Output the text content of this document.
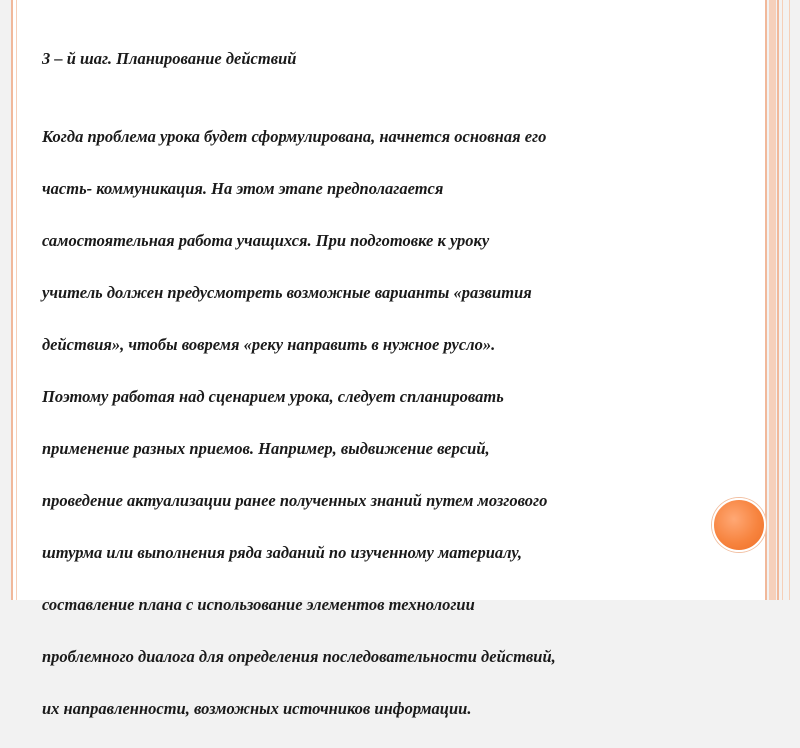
3 – й шаг. Планирование действий

Когда проблема урока будет сформулирована, начнется основная его

часть- коммуникация. На этом этапе предполагается

самостоятельная работа учащихся. При подготовке к уроку

учитель должен предусмотреть возможные варианты «развития

действия», чтобы вовремя «реку направить в нужное русло».

Поэтому работая над сценарием урока, следует спланировать

применение разных приемов. Например, выдвижение версий,

проведение актуализации ранее полученных знаний путем мозгового

штурма или выполнения ряда заданий по изученному материалу,

составление плана с использование элементов технологии

проблемного диалога для определения последовательности действий,

их направленности, возможных источников информации.
